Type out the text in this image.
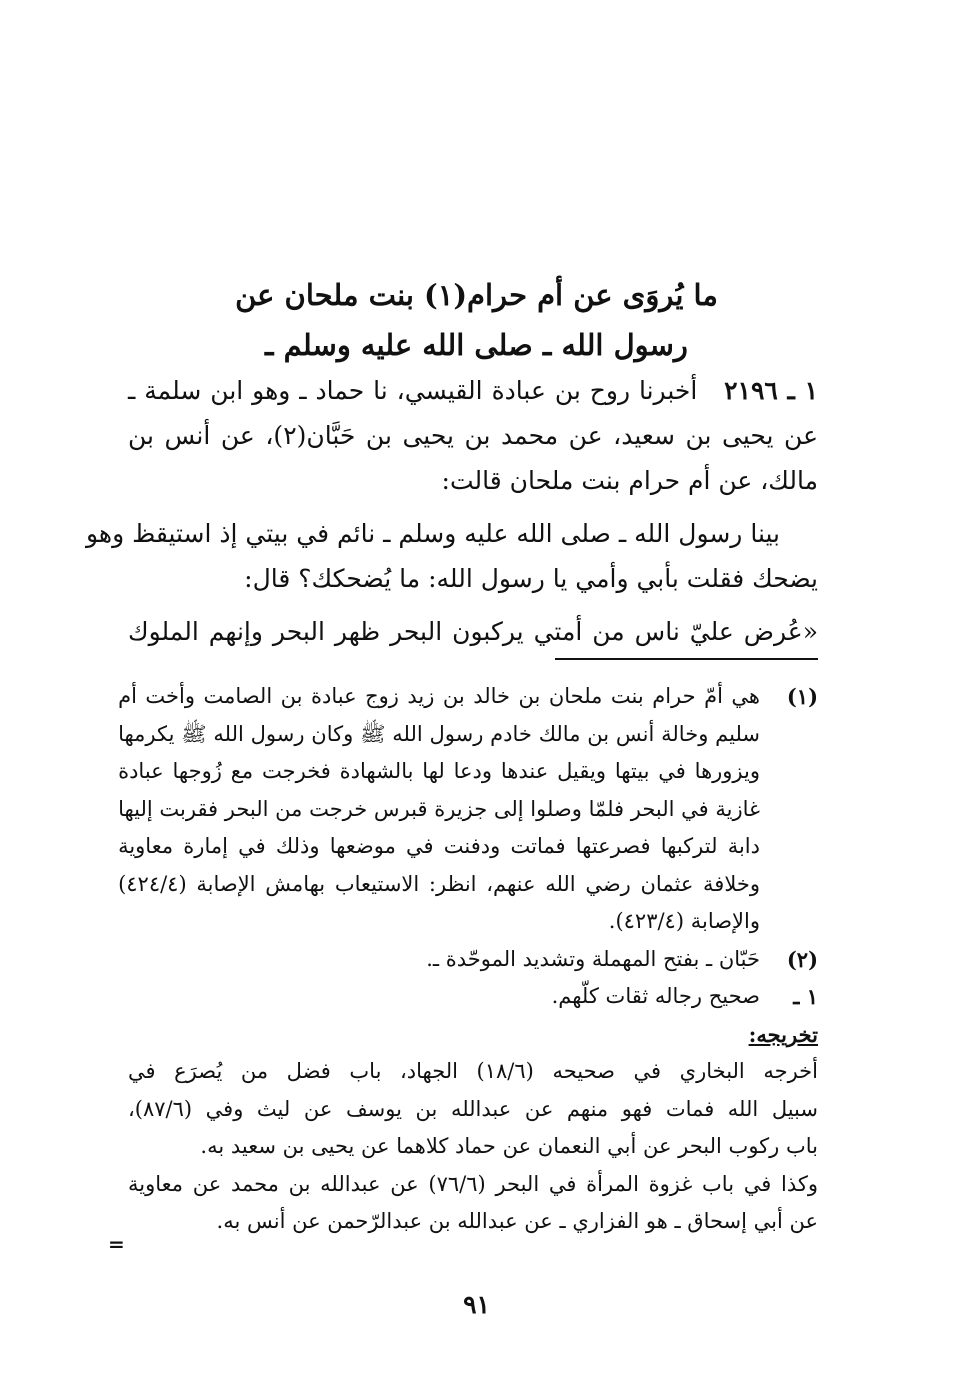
ما يُروَى عن أم حرام(١) بنت ملحان عن
رسول الله ـ صلى الله عليه وسلم ـ
١ ـ ٢١٩٦   أخبرنا روح بن عبادة القيسي، نا حماد ـ وهو ابن سلمة ـ
عن يحيى بن سعيد، عن محمد بن يحيى بن حَبَّان(٢)، عن أنس بن
مالك، عن أم حرام بنت ملحان قالت:
بينا رسول الله ـ صلى الله عليه وسلم ـ نائم في بيتي إذ استيقظ وهو
يضحك فقلت بأبي وأمي يا رسول الله: ما يُضحكك؟ قال:
«عُرض عليّ ناس من أمتي يركبون البحر ظهر البحر وإنهم الملوك
(١)
هي أمّ حرام بنت ملحان بن خالد بن زيد زوج عبادة بن الصامت وأخت أم
سليم وخالة أنس بن مالك خادم رسول الله ﷺ وكان رسول الله ﷺ يكرمها
ويزورها في بيتها ويقيل عندها ودعا لها بالشهادة فخرجت مع زُوجها عبادة
غازية في البحر فلمّا وصلوا إلى جزيرة قبرس خرجت من البحر فقربت إليها
دابة لتركبها فصرعتها فماتت ودفنت في موضعها وذلك في إمارة معاوية
وخلافة عثمان رضي الله عنهم، انظر: الاستيعاب بهامش الإصابة (٤٢٤/٤)
والإصابة (٤٢٣/٤).
(٢)
حَبّان ـ بفتح المهملة وتشديد الموحّدة ـ.
١ ـ
صحيح رجاله ثقات كلّهم.
تخريجه:
أخرجه البخاري في صحيحه (١٨/٦) الجهاد، باب فضل من يُصرَع في
سبيل الله فمات فهو منهم عن عبدالله بن يوسف عن ليث وفي (٨٧/٦)،
باب ركوب البحر عن أبي النعمان عن حماد كلاهما عن يحيى بن سعيد به.
وكذا في باب غزوة المرأة في البحر (٧٦/٦) عن عبدالله بن محمد عن معاوية
عن أبي إسحاق ـ هو الفزاري ـ عن عبدالله بن عبدالرّحمن عن أنس به.
=
٩١
